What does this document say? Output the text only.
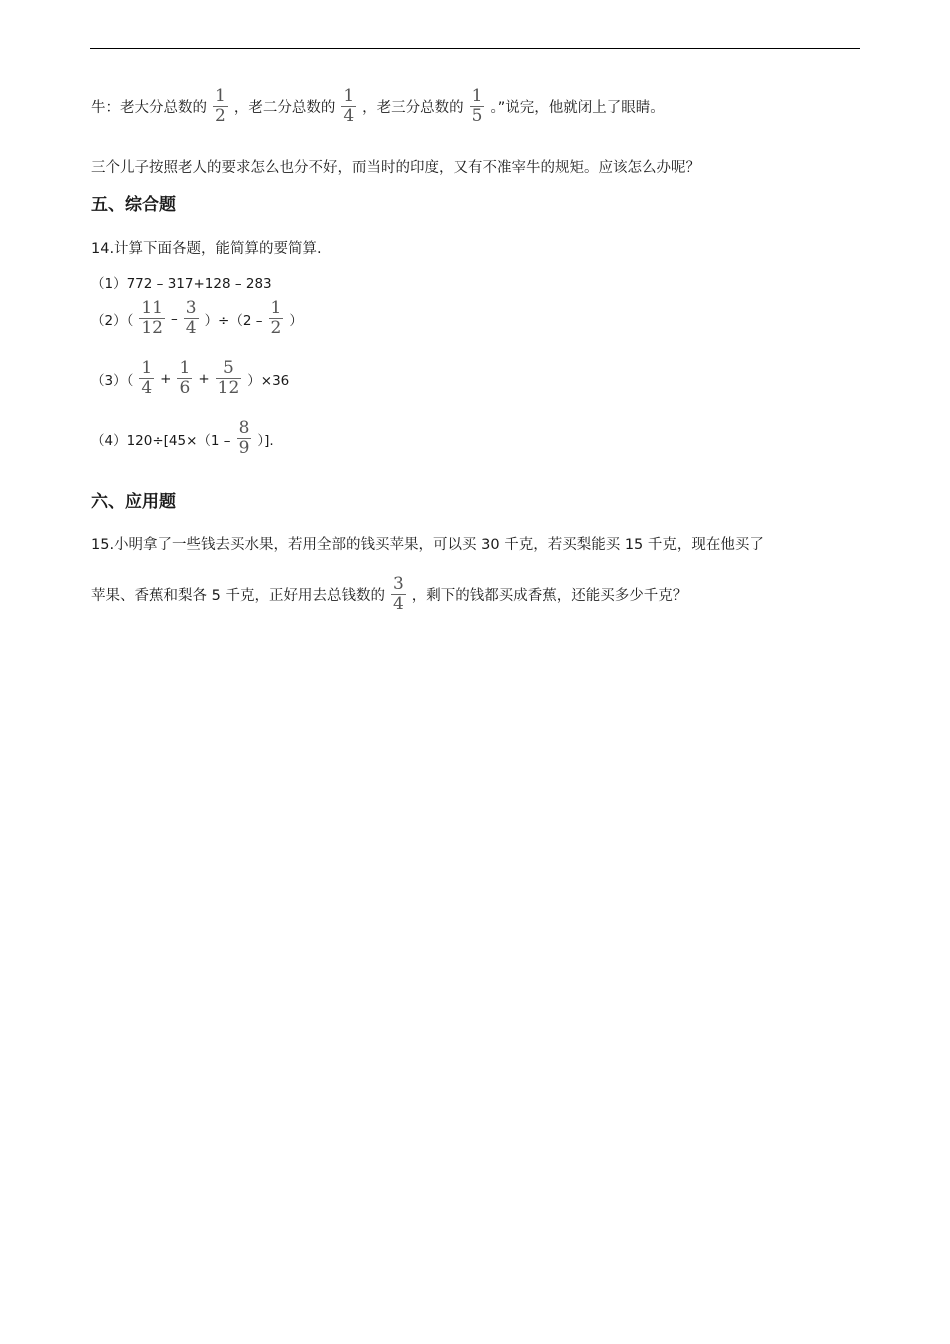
牛：老大分总数的 $\frac{1}{2}$ ，老二分总数的 $\frac{1}{4}$ ，老三分总数的 $\frac{1}{5}$ 。”说完，他就闭上了眼睛。
三个儿子按照老人的要求怎么也分不好，而当时的印度，又有不准宰牛的规矩。应该怎么办呢？
五、综合题
14.计算下面各题，能简算的要简算.
（1）772 – 317+128 – 283
$(2)( \frac{11}{12} - \frac{3}{4} )\div(2 - \frac{1}{2}$ ）
$(3)( \frac{1}{4} + \frac{1}{6} + \frac{5}{12} )\times 36$
$(4)120\div[45\times(1 - \frac{8}{9}$ ）].
六、应用题
15.小明拿了一些钱去买水果，若用全部的钱买苹果，可以买 30 千克，若买梨能买 15 千克，现在他买了
苹果、香蕉和梨各 5 千克，正好用去总钱数的 $\frac{3}{4}$ ，剩下的钱都买成香蕉，还能买多少千克？
